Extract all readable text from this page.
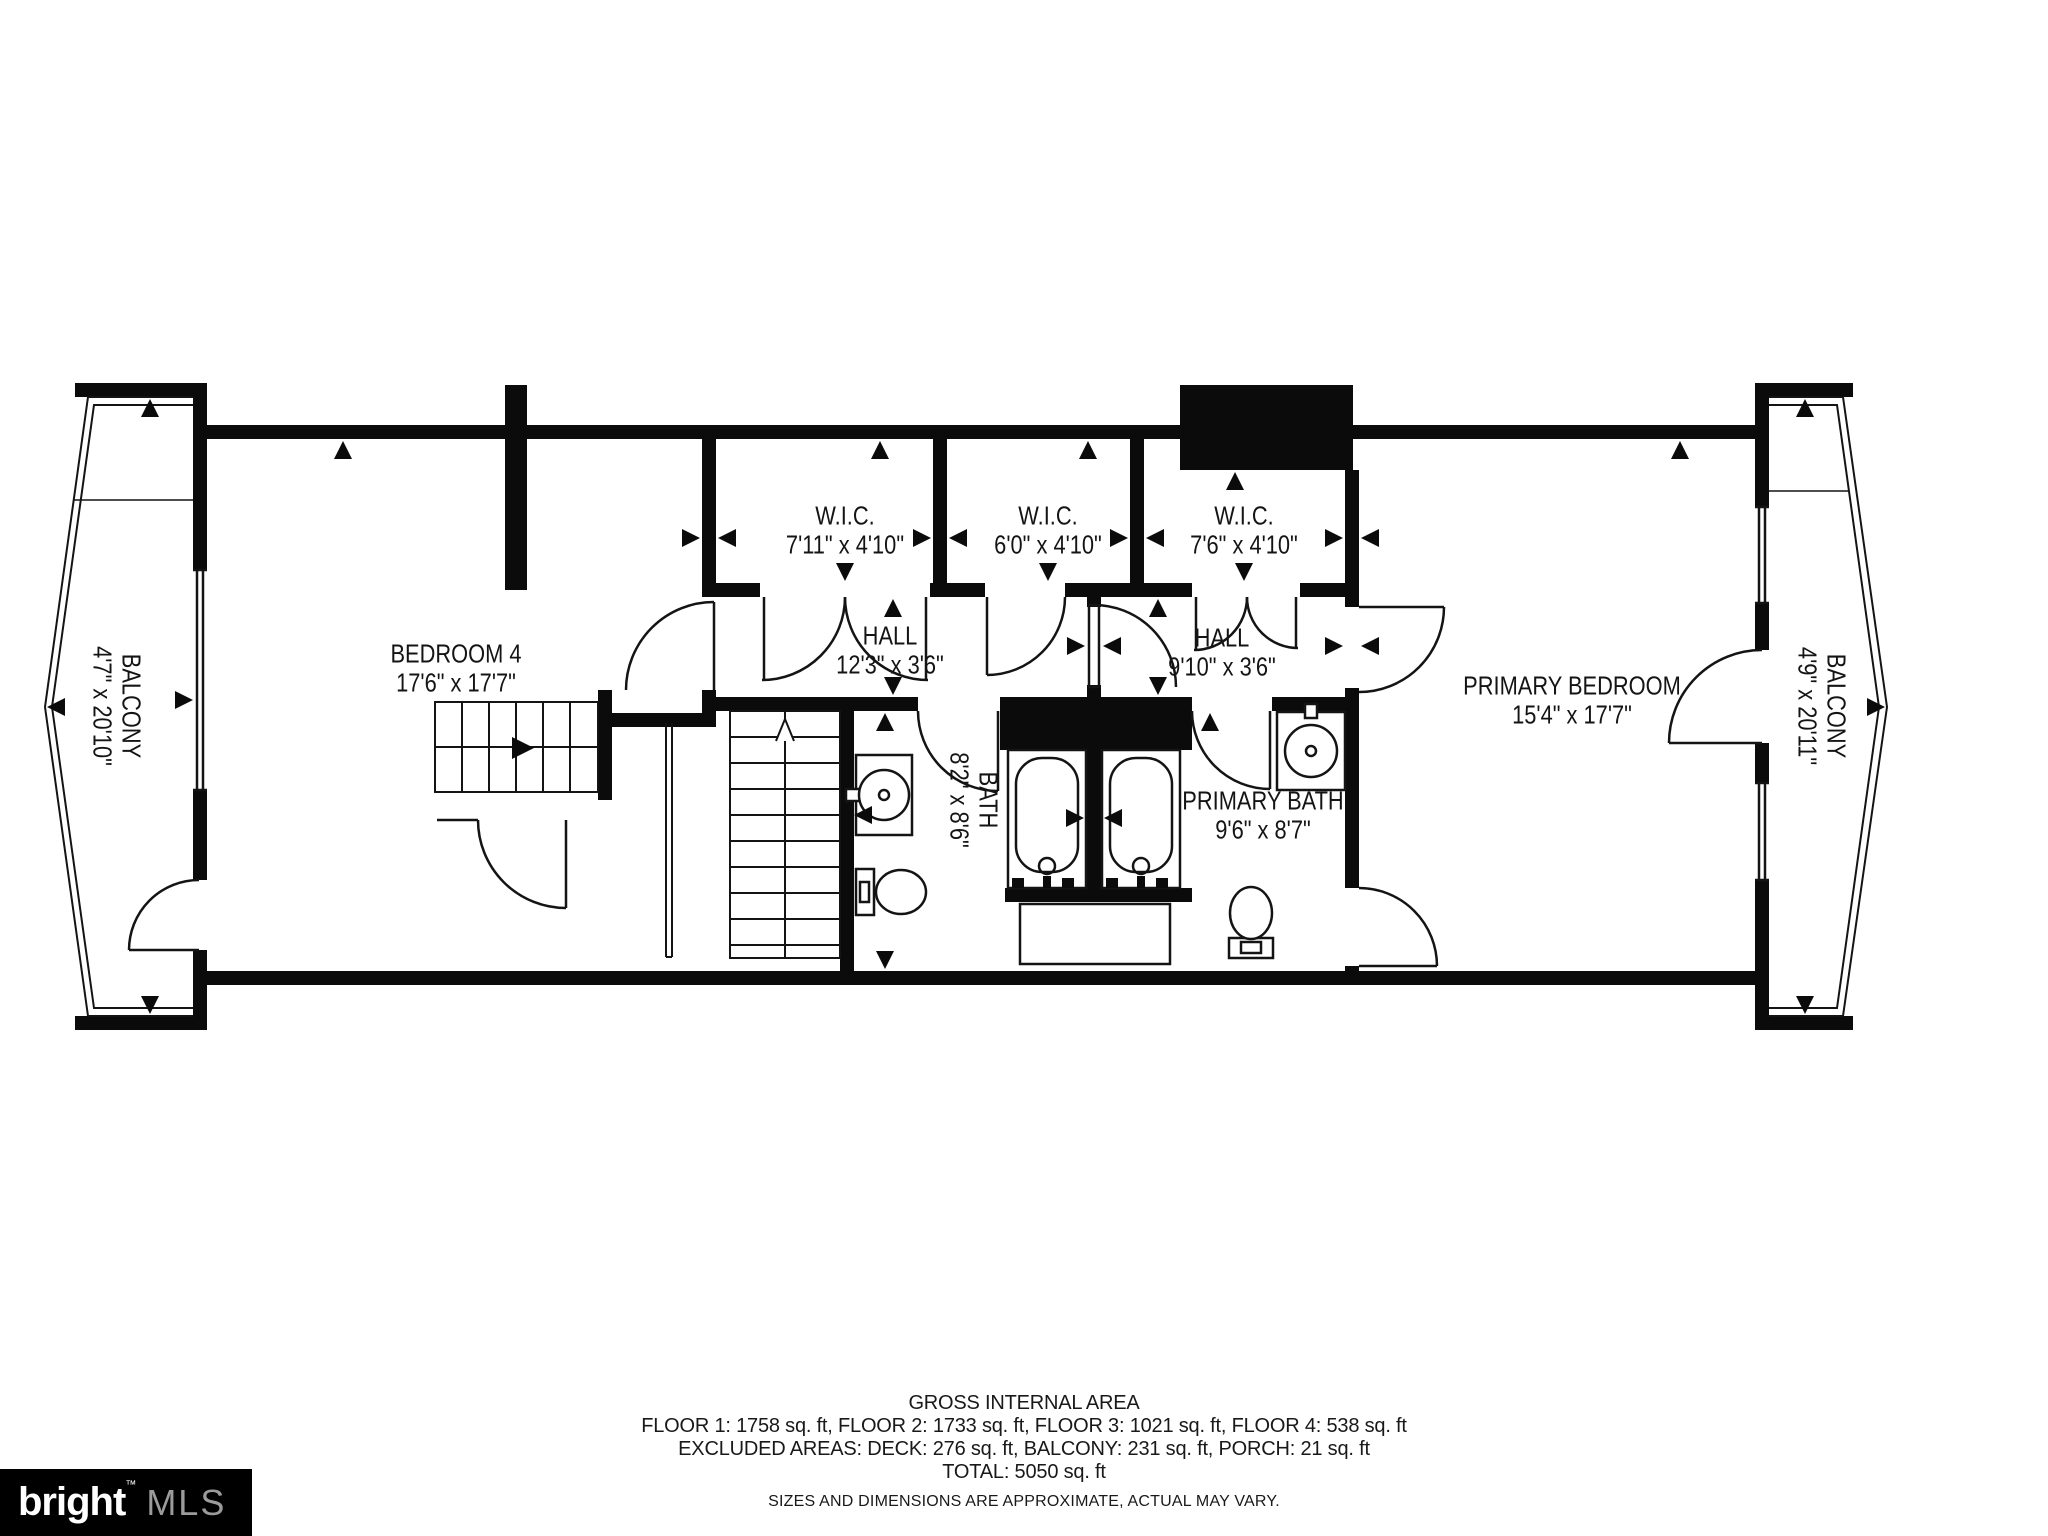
BEDROOM 4
17'6" x 17'7"
W.I.C.
7'11" x 4'10"
W.I.C.
6'0" x 4'10"
W.I.C.
7'6" x 4'10"
HALL
12'3" x 3'6"
HALL
9'10" x 3'6"
BATH
8'2" x 8'6"	PRIMARY BATH
9'6" x 8'7"
PRIMARY BEDROOM
15'4" x 17'7"
BALCONY
4'7" x 20'10"	BALCONY
4'9" x 20'11"
GROSS INTERNAL AREA
FLOOR 1: 1758 sq. ft, FLOOR 2: 1733 sq. ft, FLOOR 3: 1021 sq. ft, FLOOR 4: 538 sq. ft
EXCLUDED AREAS: DECK: 276 sq. ft, BALCONY: 231 sq. ft, PORCH: 21 sq. ft
TOTAL: 5050 sq. ft
SIZES AND DIMENSIONS ARE APPROXIMATE, ACTUAL MAY VARY.
bright ™ MLS
